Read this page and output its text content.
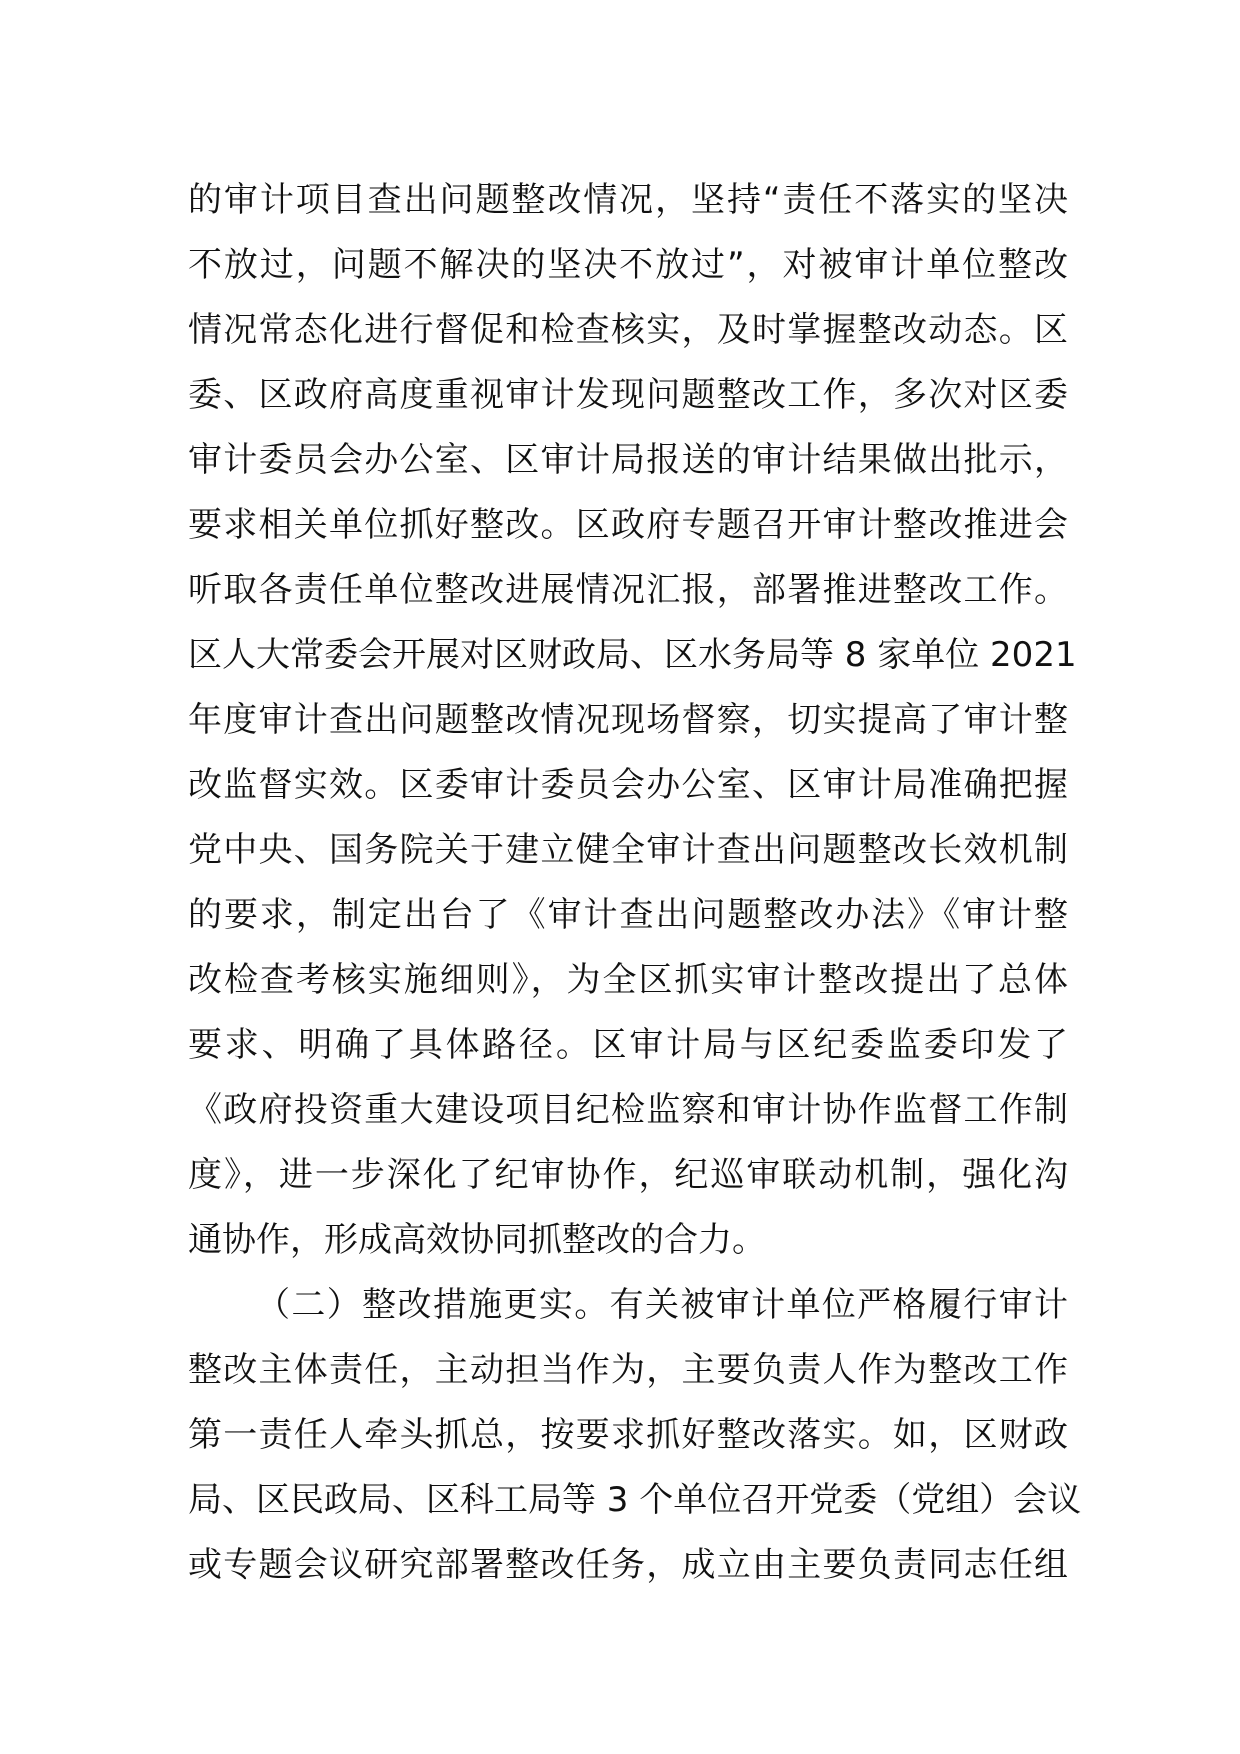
的审计项目查出问题整改情况，坚持“责任不落实的坚决
不放过，问题不解决的坚决不放过”，对被审计单位整改
情况常态化进行督促和检查核实，及时掌握整改动态。区
委、区政府高度重视审计发现问题整改工作，多次对区委
审计委员会办公室、区审计局报送的审计结果做出批示，
要求相关单位抓好整改。区政府专题召开审计整改推进会
听取各责任单位整改进展情况汇报，部署推进整改工作。
区人大常委会开展对区财政局、区水务局等 8 家单位 2021
年度审计查出问题整改情况现场督察，切实提高了审计整
改监督实效。区委审计委员会办公室、区审计局准确把握
党中央、国务院关于建立健全审计查出问题整改长效机制
的要求，制定出台了《审计查出问题整改办法》《审计整
改检查考核实施细则》，为全区抓实审计整改提出了总体
要求、明确了具体路径。区审计局与区纪委监委印发了
《政府投资重大建设项目纪检监察和审计协作监督工作制
度》，进一步深化了纪审协作，纪巡审联动机制，强化沟
通协作，形成高效协同抓整改的合力。
（二）整改措施更实。有关被审计单位严格履行审计
整改主体责任，主动担当作为，主要负责人作为整改工作
第一责任人牵头抓总，按要求抓好整改落实。如，区财政
局、区民政局、区科工局等 3 个单位召开党委（党组）会议
或专题会议研究部署整改任务，成立由主要负责同志任组
